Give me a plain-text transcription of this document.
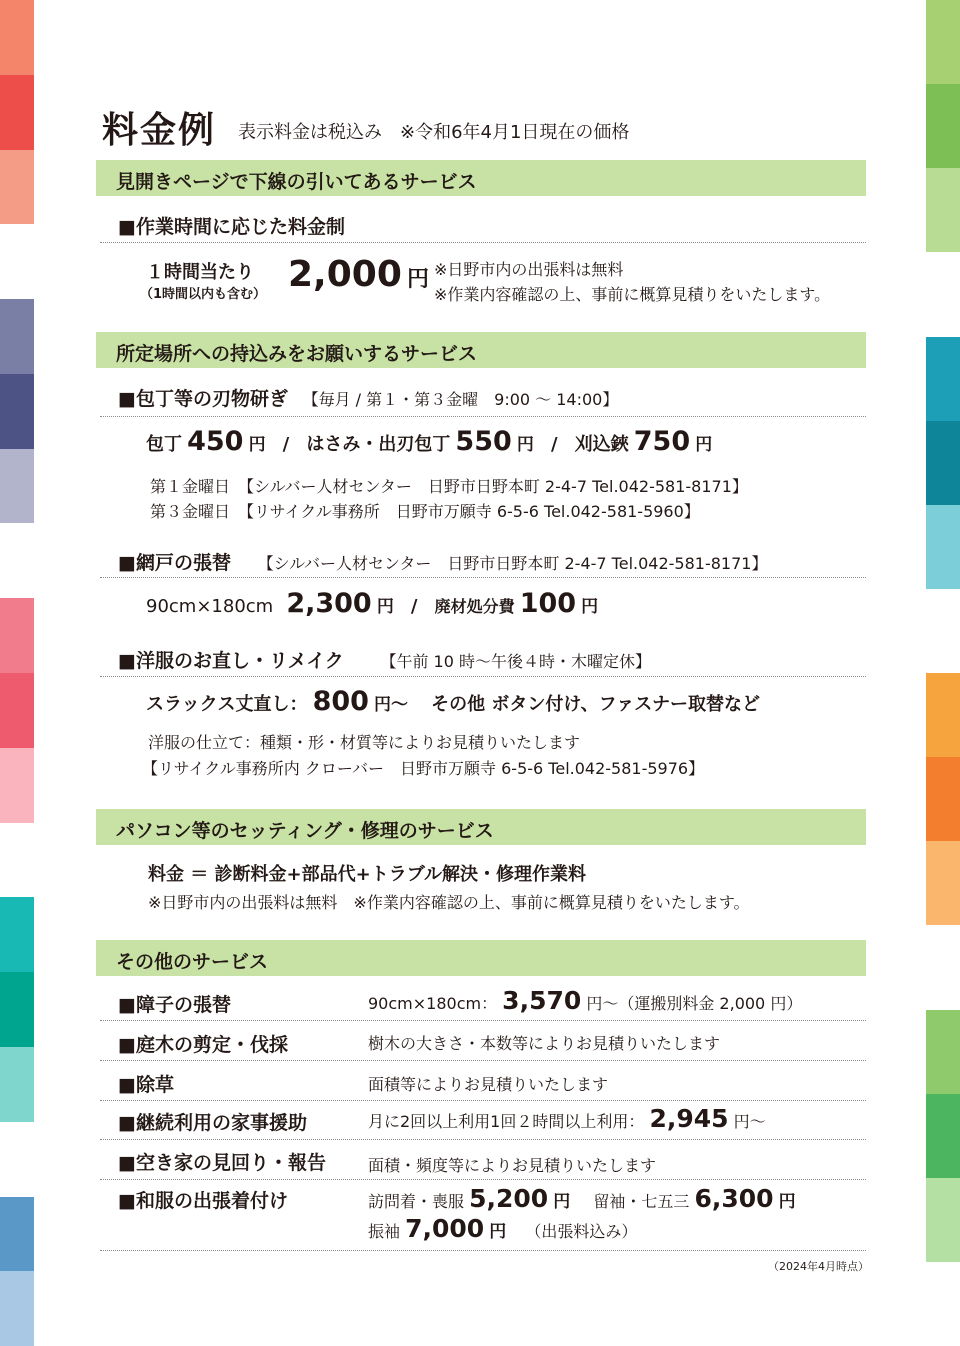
料金例 表示料金は税込み　※令和6年4月1日現在の価格
見開きページで下線の引いてあるサービス
■作業時間に応じた料金制
１時間当たり
（1時間以内も含む） 2,000 円 ※日野市内の出張料は無料
※作業内容確認の上、事前に概算見積りをいたします。
所定場所への持込みをお願いするサービス
■包丁等の刃物研ぎ 【毎月 / 第１・第３金曜　9:00 ～ 14:00】
包丁 450 円 / はさみ・出刃包丁 550 円 / 刈込鋏 750 円
第１金曜日　【シルバー人材センター　日野市日野本町 2-4-7 Tel.042-581-8171】
第３金曜日　【リサイクル事務所　日野市万願寺 6-5-6 Tel.042-581-5960】
■網戸の張替 【シルバー人材センター　日野市日野本町 2-4-7 Tel.042-581-8171】
90cm×180cm 2,300 円 / 廃材処分費 100 円
■洋服のお直し・リメイク 【午前 10 時～午後４時・木曜定休】
スラックス丈直し： 800 円～ その他 ボタン付け、ファスナー取替など
洋服の仕立て：種類・形・材質等によりお見積りいたします
【リサイクル事務所内 クローバー　日野市万願寺 6-5-6 Tel.042-581-5976】
パソコン等のセッティング・修理のサービス
料金 ＝ 診断料金+部品代+トラブル解決・修理作業料
※日野市内の出張料は無料　※作業内容確認の上、事前に概算見積りをいたします。
その他のサービス
■障子の張替	90cm×180cm： 3,570 円～（運搬別料金 2,000 円）
■庭木の剪定・伐採	樹木の大きさ・本数等によりお見積りいたします
■除草	面積等によりお見積りいたします
■継続利用の家事援助	月に2回以上利用1回２時間以上利用： 2,945 円～
■空き家の見回り・報告	面積・頻度等によりお見積りいたします
■和服の出張着付け	訪問着・喪服 5,200 円 留袖・七五三 6,300 円
振袖 7,000 円 （出張料込み）
（2024年4月時点）
